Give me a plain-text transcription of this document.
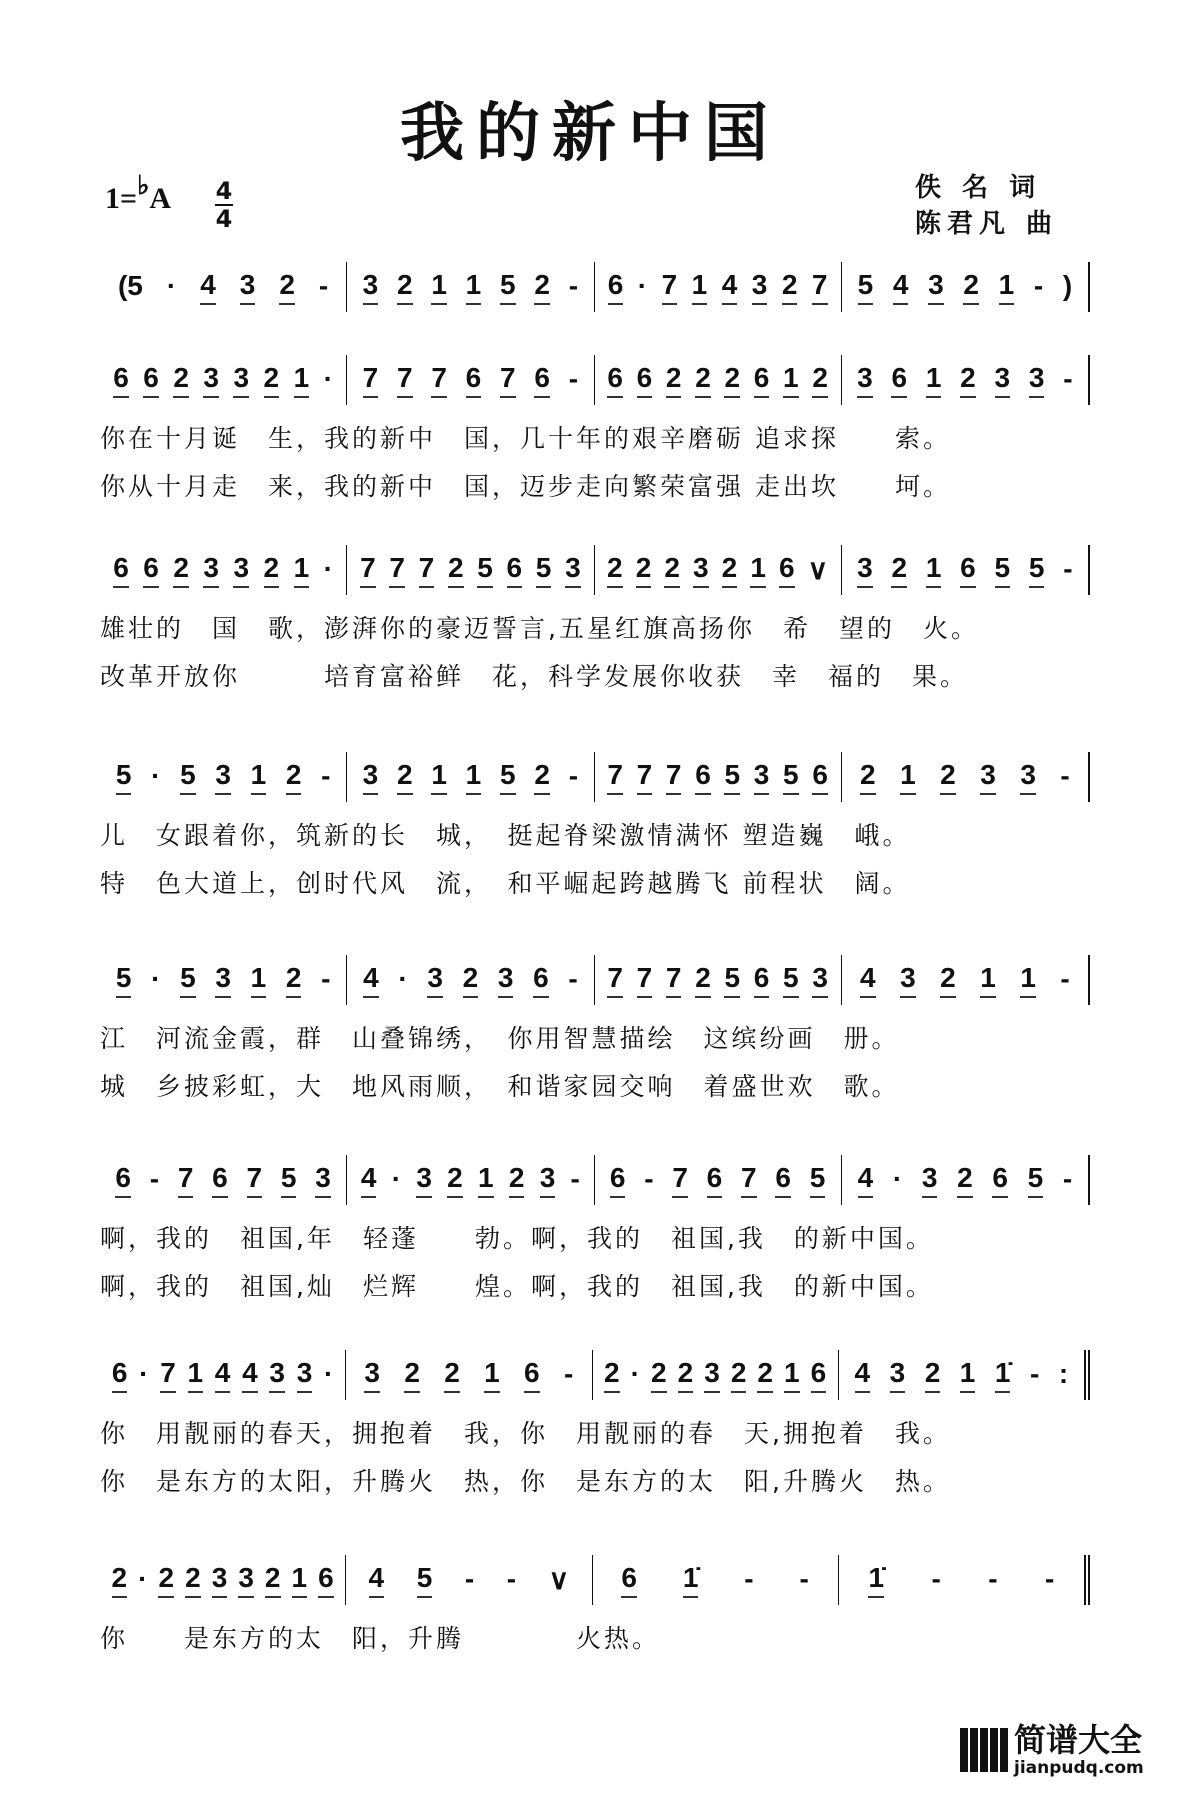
我的新中国
1=♭A 4
4
佚 名 词
陈君凡 曲
(5 · 4 3 2 - 3 2 1 1 5 2 - 6 · 7 1 4 3 2 7 5 4 3 2 1 - )
6 6 2 3 3 2 1 · 7 7 7 6 7 6 - 6 6 2 2 2 6 1 2 3 6 1 2 3 3 -
你在十月诞　生，我的新中　国，几十年的艰辛磨砺 追求探　　索。
你从十月走　来，我的新中　国，迈步走向繁荣富强 走出坎　　坷。
6 6 2 3 3 2 1 · 7 7 7 2 5 6 5 3 2 2 2 3 2 1 6 ∨ 3 2 1 6 5 5 -
雄壮的　国　歌，澎湃你的豪迈誓言,五星红旗高扬你　希　望的　火。
改革开放你　　　培育富裕鲜　花，科学发展你收获　幸　福的　果。
5 · 5 3 1 2 - 3 2 1 1 5 2 - 7 7 7 6 5 3 5 6 2 1 2 3 3 -
儿　女跟着你，筑新的长　城，　挺起脊梁激情满怀 塑造巍　峨。
特　色大道上，创时代风　流，　和平崛起跨越腾飞 前程状　阔。
5 · 5 3 1 2 - 4 · 3 2 3 6 - 7 7 7 2 5 6 5 3 4 3 2 1 1 -
江　河流金霞，群　山叠锦绣，　你用智慧描绘　这缤纷画　册。
城　乡披彩虹，大　地风雨顺，　和谐家园交响　着盛世欢　歌。
6 - 7 6 7 5 3 4 · 3 2 1 2 3 - 6 - 7 6 7 6 5 4 · 3 2 6 5 -
啊，我的　祖国,年　轻蓬　　勃。啊，我的　祖国,我　的新中国。
啊，我的　祖国,灿　烂辉　　煌。啊，我的　祖国,我　的新中国。
6 · 7 1 4 4 3 3 · 3 2 2 1 6 - 2 · 2 2 3 2 2 1 6 4 3 2 1 1̇ - :
你　用靓丽的春天，拥抱着　我，你　用靓丽的春　天,拥抱着　我。
你　是东方的太阳，升腾火　热，你　是东方的太　阳,升腾火　热。
2 · 2 2 3 3 2 1 6 4 5 - - ∨ 6 1̇ - - 1̇ - - -
你　　是东方的太　阳，升腾　　　　火热。
简谱大全
jianpudq.com
